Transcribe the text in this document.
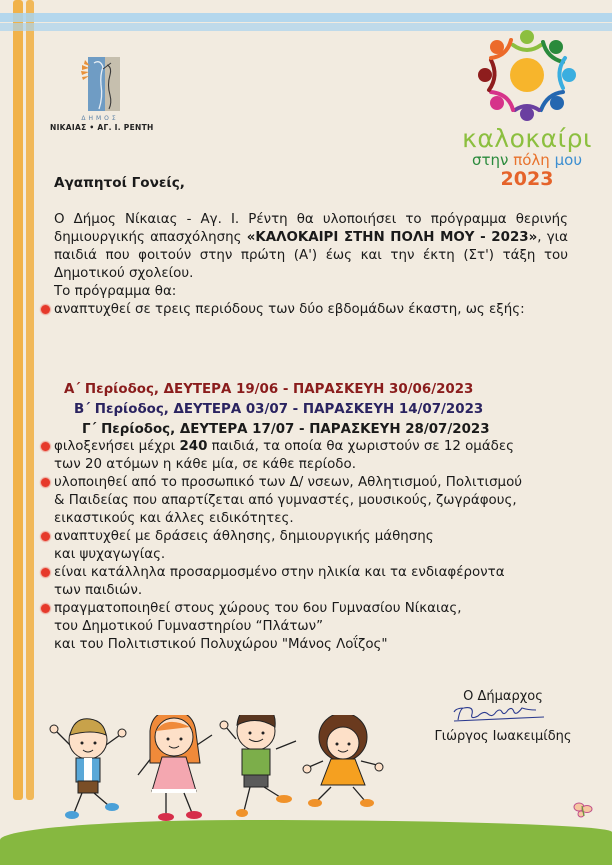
ΔΗΜΟΣ
ΝΙΚΑΙΑΣ • ΑΓ. Ι. ΡΕΝΤΗ	καλοκαίρι
στην πόλη μου
2023
Αγαπητοί Γονείς,
Ο Δήμος Νίκαιας - Αγ. Ι. Ρέντη θα υλοποιήσει το πρόγραμμα θερινής δημιουργικής απασχόλησης «ΚΑΛΟΚΑΙΡΙ ΣΤΗΝ ΠΟΛΗ ΜΟΥ - 2023», για παιδιά που φοιτούν στην πρώτη (Α') έως και την έκτη (Στ') τάξη του Δημοτικού σχολείου.
Το πρόγραμμα θα:
αναπτυχθεί σε τρεις περιόδους των δύο εβδομάδων έκαστη, ως εξής:
Α΄ Περίοδος, ΔΕΥΤΕΡΑ 19/06 - ΠΑΡΑΣΚΕΥΗ 30/06/2023
Β΄ Περίοδος, ΔΕΥΤΕΡΑ 03/07 - ΠΑΡΑΣΚΕΥΗ 14/07/2023
Γ΄ Περίοδος, ΔΕΥΤΕΡΑ 17/07 - ΠΑΡΑΣΚΕΥΗ 28/07/2023
φιλοξενήσει μέχρι 240 παιδιά, τα οποία θα χωριστούν σε 12 ομάδες
των 20 ατόμων η κάθε μία, σε κάθε περίοδο.
υλοποιηθεί από το προσωπικό των Δ/ νσεων, Αθλητισμού, Πολιτισμού
& Παιδείας που απαρτίζεται από γυμναστές, μουσικούς, ζωγράφους,
εικαστικούς και άλλες ειδικότητες.
αναπτυχθεί με δράσεις άθλησης, δημιουργικής μάθησης
και ψυχαγωγίας.
είναι κατάλληλα προσαρμοσμένο στην ηλικία και τα ενδιαφέροντα
των παιδιών.
πραγματοποιηθεί στους χώρους του 6ου Γυμνασίου Νίκαιας,
του Δημοτικού Γυμναστηρίου “Πλάτων”
και του Πολιτιστικού Πολυχώρου "Μάνος Λοΐζος"
Ο Δήμαρχος
Γιώργος Ιωακειμίδης
